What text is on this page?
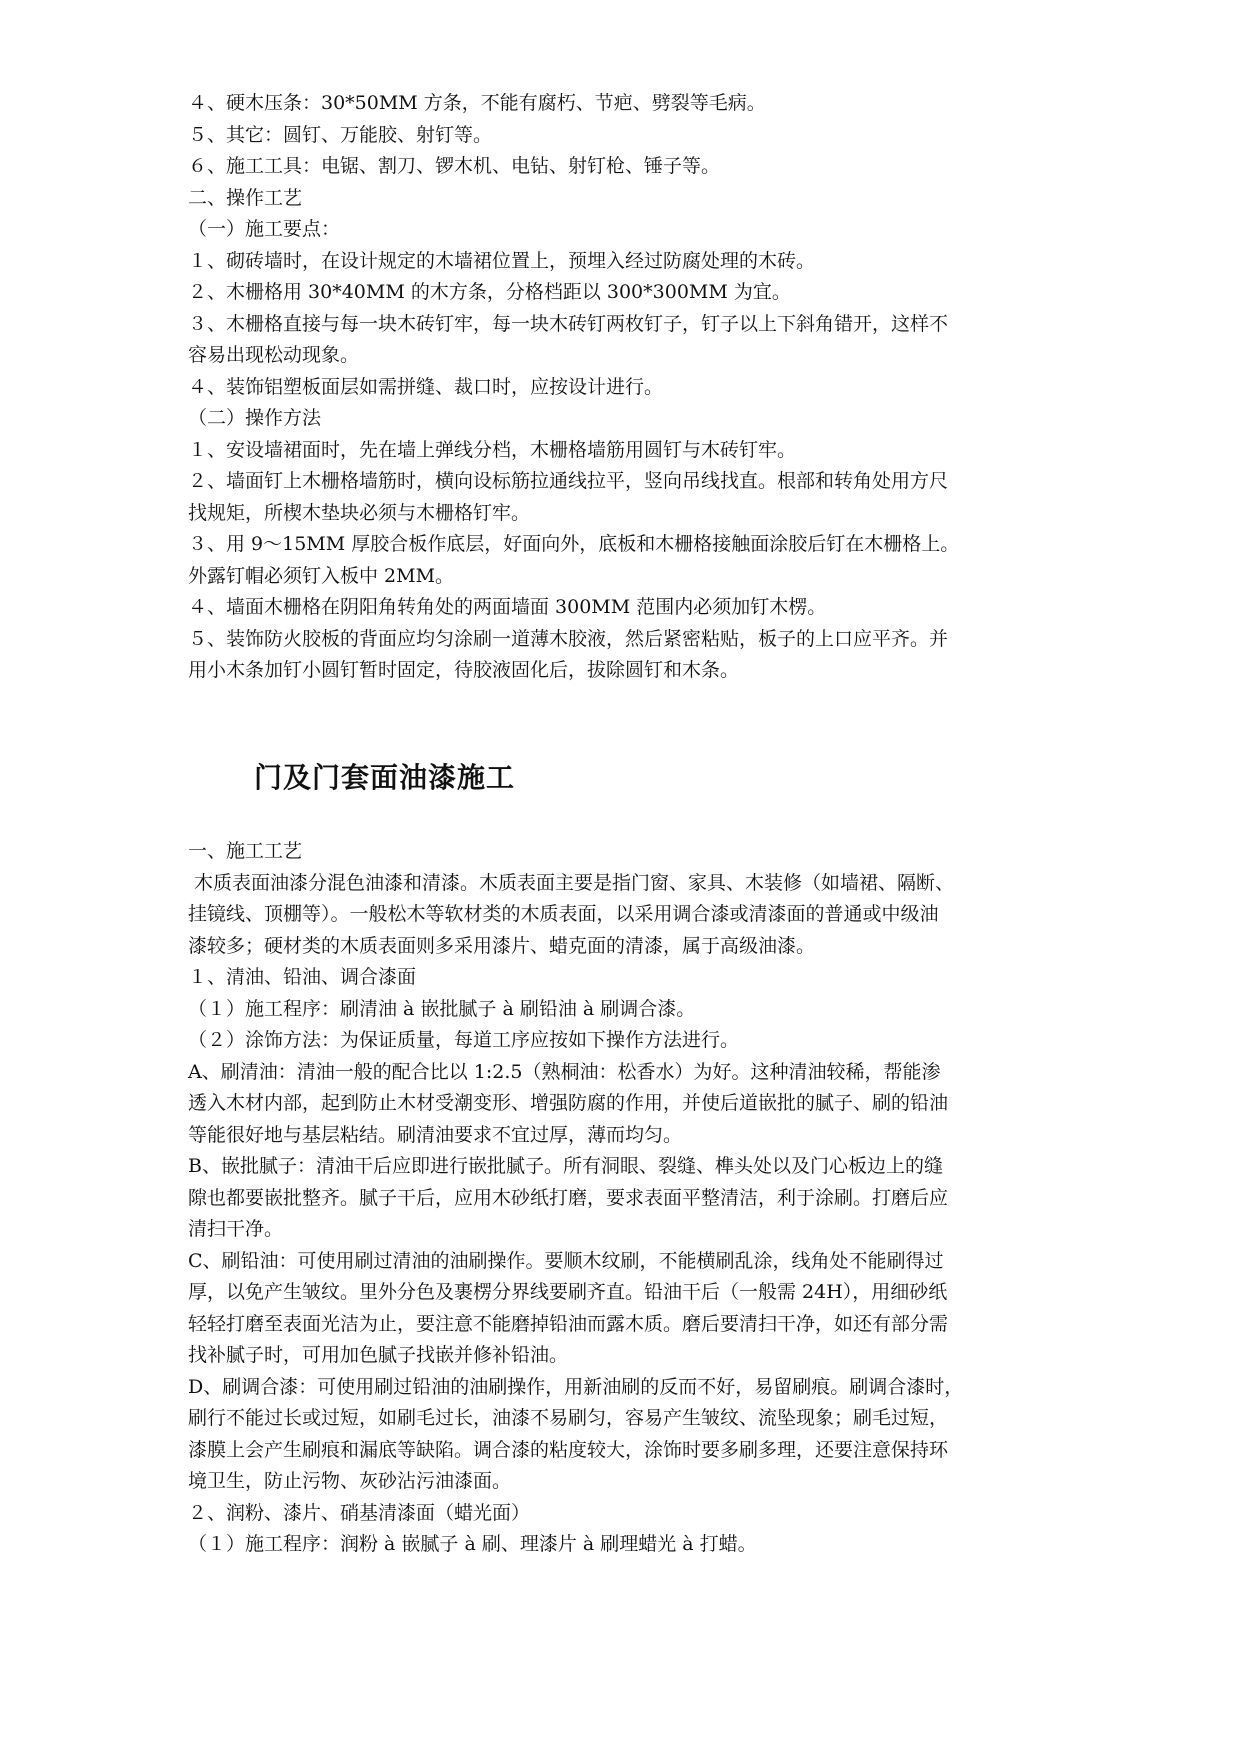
４、硬木压条：30*50MM 方条，不能有腐朽、节疤、劈裂等毛病。

５、其它：圆钉、万能胶、射钉等。

６、施工工具：电锯、割刀、锣木机、电钻、射钉枪、锤子等。

二、操作工艺

（一）施工要点：

１、砌砖墙时，在设计规定的木墙裙位置上，预埋入经过防腐处理的木砖。

２、木栅格用 30*40MM 的木方条，分格档距以 300*300MM 为宜。

３、木栅格直接与每一块木砖钉牢，每一块木砖钉两枚钉子，钉子以上下斜角错开，这样不

容易出现松动现象。

４、装饰铝塑板面层如需拼缝、裁口时，应按设计进行。

（二）操作方法

１、安设墙裙面时，先在墙上弹线分档，木栅格墙筋用圆钉与木砖钉牢。

２、墙面钉上木栅格墙筋时，横向设标筋拉通线拉平，竖向吊线找直。根部和转角处用方尺

找规矩，所楔木垫块必须与木栅格钉牢。

３、用 9～15MM 厚胶合板作底层，好面向外，底板和木栅格接触面涂胶后钉在木栅格上。

外露钉帽必须钉入板中 2MM。

４、墙面木栅格在阴阳角转角处的两面墙面 300MM 范围内必须加钉木楞。

５、装饰防火胶板的背面应均匀涂刷一道薄木胶液，然后紧密粘贴，板子的上口应平齐。并

用小木条加钉小圆钉暂时固定，待胶液固化后，拔除圆钉和木条。

门及门套面油漆施工

一、施工工艺

木质表面油漆分混色油漆和清漆。木质表面主要是指门窗、家具、木装修（如墙裙、隔断、

挂镜线、顶棚等）。一般松木等软材类的木质表面，以采用调合漆或清漆面的普通或中级油

漆较多；硬材类的木质表面则多采用漆片、蜡克面的清漆，属于高级油漆。

１、清油、铅油、调合漆面

（１）施工程序：刷清油 à 嵌批腻子 à 刷铅油 à 刷调合漆。

（２）涂饰方法：为保证质量，每道工序应按如下操作方法进行。

A、刷清油：清油一般的配合比以 1:2.5（熟桐油：松香水）为好。这种清油较稀，帮能渗

透入木材内部，起到防止木材受潮变形、增强防腐的作用，并使后道嵌批的腻子、刷的铅油

等能很好地与基层粘结。刷清油要求不宜过厚，薄而均匀。

B、嵌批腻子：清油干后应即进行嵌批腻子。所有洞眼、裂缝、榫头处以及门心板边上的缝

隙也都要嵌批整齐。腻子干后，应用木砂纸打磨，要求表面平整清洁，利于涂刷。打磨后应

清扫干净。

C、刷铅油：可使用刷过清油的油刷操作。要顺木纹刷，不能横刷乱涂，线角处不能刷得过

厚，以免产生皱纹。里外分色及裹楞分界线要刷齐直。铅油干后（一般需 24H），用细砂纸

轻轻打磨至表面光洁为止，要注意不能磨掉铅油而露木质。磨后要清扫干净，如还有部分需

找补腻子时，可用加色腻子找嵌并修补铅油。

D、刷调合漆：可使用刷过铅油的油刷操作，用新油刷的反而不好，易留刷痕。刷调合漆时，

刷行不能过长或过短，如刷毛过长，油漆不易刷匀，容易产生皱纹、流坠现象；刷毛过短，

漆膜上会产生刷痕和漏底等缺陷。调合漆的粘度较大，涂饰时要多刷多理，还要注意保持环

境卫生，防止污物、灰砂沾污油漆面。

２、润粉、漆片、硝基清漆面（蜡光面）

（１）施工程序：润粉 à 嵌腻子 à 刷、理漆片 à 刷理蜡光 à 打蜡。
